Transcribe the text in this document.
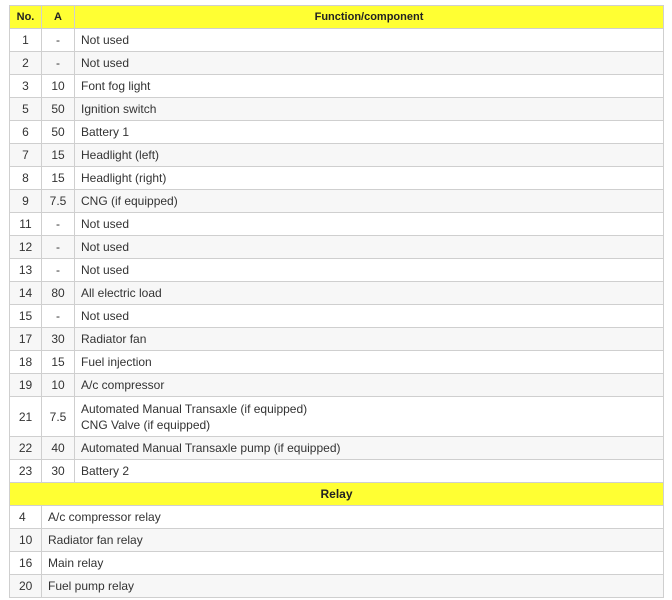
No.	A	Function/component
1	-	Not used

2	-	Not used

3	10	Font fog light

5	50	Ignition switch

6	50	Battery 1

7	15	Headlight (left)

8	15	Headlight (right)

9	7.5	CNG (if equipped)

11	-	Not used

12	-	Not used

13	-	Not used

14	80	All electric load

15	-	Not used

17	30	Radiator fan

18	15	Fuel injection

19	10	A/c compressor

21	7.5	Automated Manual Transaxle (if equipped)
CNG Valve (if equipped)

22	40	Automated Manual Transaxle pump (if equipped)

23	30	Battery 2

Relay		
4	A/c compressor relay	
10	Radiator fan relay	
16	Main relay	
20	Fuel pump relay	
